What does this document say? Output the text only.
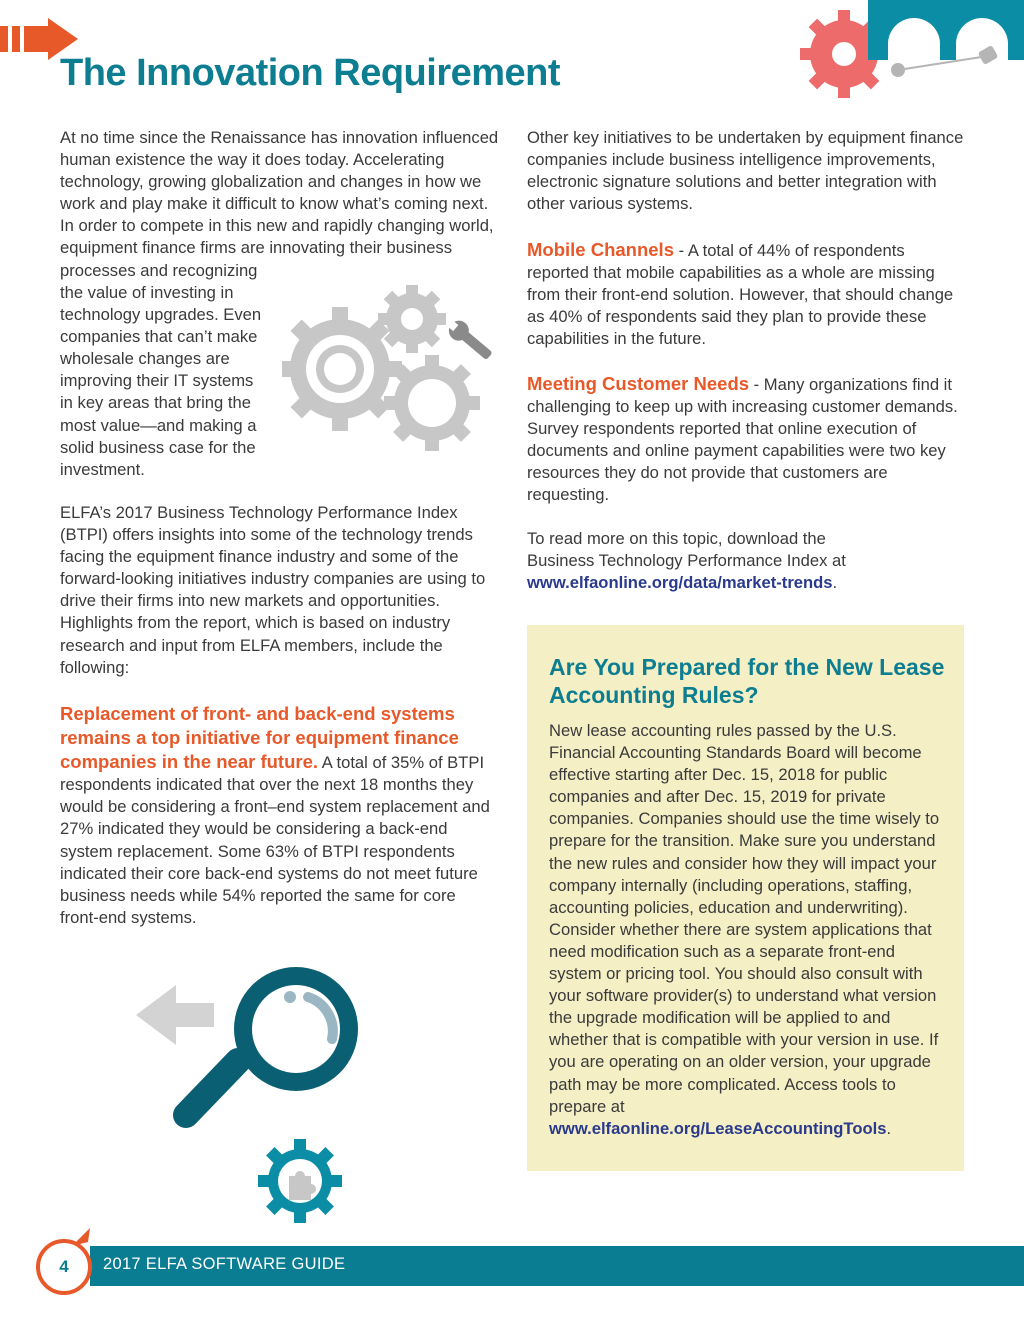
The Innovation Requirement

At no time since the Renaissance has innovation influenced human existence the way it does today. Accelerating technology, growing globalization and changes in how we work and play make it difficult to know what’s coming next. In order to compete in this new and rapidly changing world, equipment finance firms are innovating their business processes and recognizing

the value of investing in technology upgrades. Even companies that can’t make wholesale changes are improving their IT systems in key areas that bring the most value—and making a solid business case for the investment.

ELFA’s 2017 Business Technology Performance Index (BTPI) offers insights into some of the technology trends facing the equipment finance industry and some of the forward-looking initiatives industry companies are using to drive their firms into new markets and opportunities. Highlights from the report, which is based on industry research and input from ELFA members, include the following:

Replacement of front- and back-end systems remains a top initiative for equipment finance companies in the near future. A total of 35% of BTPI respondents indicated that over the next 18 months they would be considering a front–end system replacement and 27% indicated they would be considering a back-end system replacement. Some 63% of BTPI respondents indicated their core back-end systems do not meet future business needs while 54% reported the same for core front-end systems.

Other key initiatives to be undertaken by equipment finance companies include business intelligence improvements, electronic signature solutions and better integration with other various systems.

Mobile Channels - A total of 44% of respondents reported that mobile capabilities as a whole are missing from their front-end solution. However, that should change as 40% of respondents said they plan to provide these capabilities in the future.

Meeting Customer Needs - Many organizations find it challenging to keep up with increasing customer demands. Survey respondents reported that online execution of documents and online payment capabilities were two key resources they do not provide that customers are requesting.

To read more on this topic, download the Business Technology Performance Index at www.elfaonline.org/data/market-trends.

Are You Prepared for the New Lease Accounting Rules?

New lease accounting rules passed by the U.S. Financial Accounting Standards Board will become effective starting after Dec. 15, 2018 for public companies and after Dec. 15, 2019 for private companies. Companies should use the time wisely to prepare for the transition. Make sure you understand the new rules and consider how they will impact your company internally (including operations, staffing, accounting policies, education and underwriting). Consider whether there are system applications that need modification such as a separate front-end system or pricing tool. You should also consult with your software provider(s) to understand what version the upgrade modification will be applied to and whether that is compatible with your version in use. If you are operating on an older version, your upgrade path may be more complicated. Access tools to prepare at www.elfaonline.org/LeaseAccountingTools.

4	2017 ELFA SOFTWARE GUIDE
